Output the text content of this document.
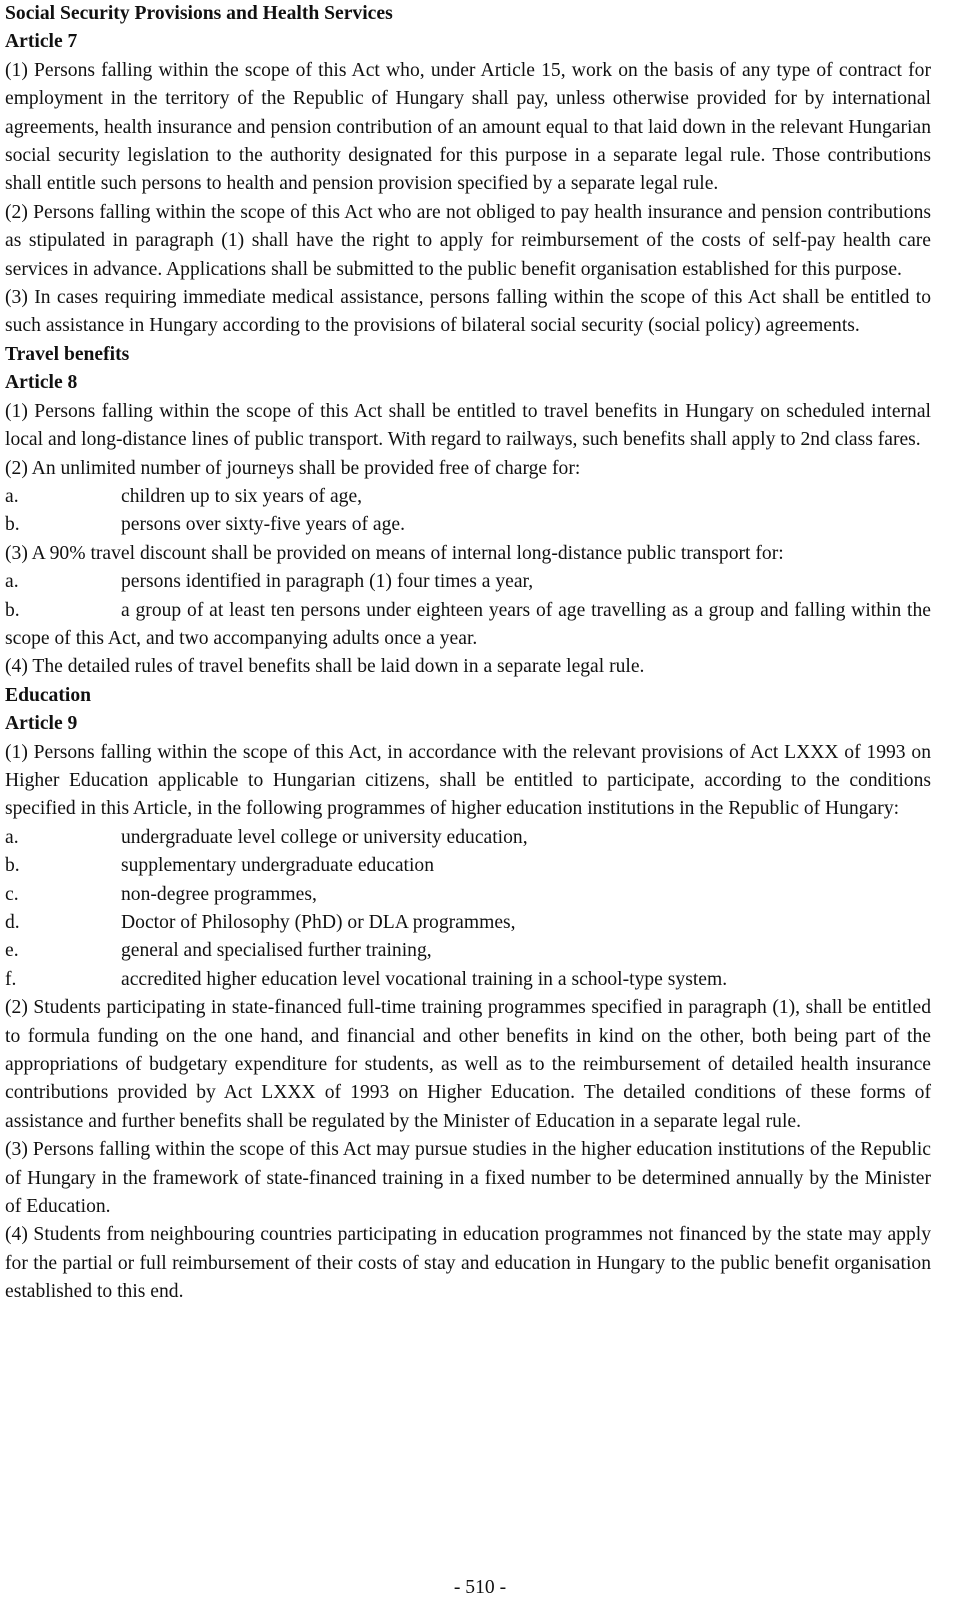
Social Security Provisions and Health Services
Article 7
(1) Persons falling within the scope of this Act who, under Article 15, work on the basis of any type of contract for employment in the territory of the Republic of Hungary shall pay, unless otherwise provided for by international agreements, health insurance and pension contribution of an amount equal to that laid down in the relevant Hungarian social security legislation to the authority designated for this purpose in a separate legal rule. Those contributions shall entitle such persons to health and pension provision specified by a separate legal rule.
(2) Persons falling within the scope of this Act who are not obliged to pay health insurance and pension contributions as stipulated in paragraph (1) shall have the right to apply for reimbursement of the costs of self-pay health care services in advance. Applications shall be submitted to the public benefit organisation established for this purpose.
(3) In cases requiring immediate medical assistance, persons falling within the scope of this Act shall be entitled to such assistance in Hungary according to the provisions of bilateral social security (social policy) agreements.
Travel benefits
Article 8
(1) Persons falling within the scope of this Act shall be entitled to travel benefits in Hungary on scheduled internal local and long-distance lines of public transport. With regard to railways, such benefits shall apply to 2nd class fares.
(2) An unlimited number of journeys shall be provided free of charge for:
a.	children up to six years of age,
b.	persons over sixty-five years of age.
(3) A 90% travel discount shall be provided on means of internal long-distance public transport for:
a.	persons identified in paragraph (1) four times a year,
b.	a group of at least ten persons under eighteen years of age travelling as a group and falling within the scope of this Act, and two accompanying adults once a year.
(4) The detailed rules of travel benefits shall be laid down in a separate legal rule.
Education
Article 9
(1) Persons falling within the scope of this Act, in accordance with the relevant provisions of Act LXXX of 1993 on Higher Education applicable to Hungarian citizens, shall be entitled to participate, according to the conditions specified in this Article, in the following programmes of higher education institutions in the Republic of Hungary:
a.	undergraduate level college or university education,
b.	supplementary undergraduate education
c.	non-degree programmes,
d.	Doctor of Philosophy (PhD) or DLA programmes,
e.	general and specialised further training,
f.	accredited higher education level vocational training in a school-type system.
(2) Students participating in state-financed full-time training programmes specified in paragraph (1), shall be entitled to formula funding on the one hand, and financial and other benefits in kind on the other, both being part of the appropriations of budgetary expenditure for students, as well as to the reimbursement of detailed health insurance contributions provided by Act LXXX of 1993 on Higher Education. The detailed conditions of these forms of assistance and further benefits shall be regulated by the Minister of Education in a separate legal rule.
(3) Persons falling within the scope of this Act may pursue studies in the higher education institutions of the Republic of Hungary in the framework of state-financed training in a fixed number to be determined annually by the Minister of Education.
(4) Students from neighbouring countries participating in education programmes not financed by the state may apply for the partial or full reimbursement of their costs of stay and education in Hungary to the public benefit organisation established to this end.
- 510 -
